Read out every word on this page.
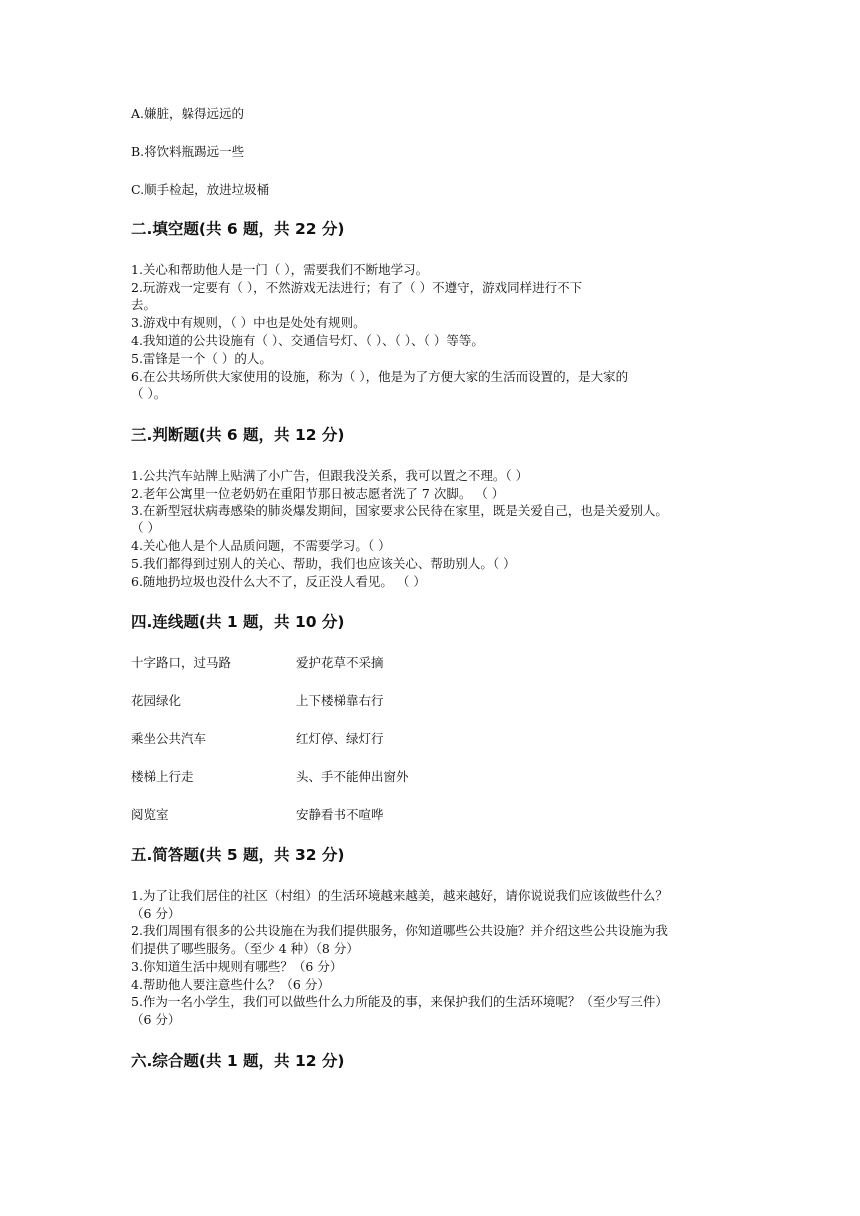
A.嫌脏，躲得远远的
B.将饮料瓶踢远一些
C.顺手检起，放进垃圾桶
二.填空题(共 6 题，共 22 分)
1.关心和帮助他人是一门（ ），需要我们不断地学习。
2.玩游戏一定要有（ ），不然游戏无法进行；有了（ ）不遵守，游戏同样进行不下
去。
3.游戏中有规则，（ ）中也是处处有规则。
4.我知道的公共设施有（ ）、交通信号灯、（ ）、（ ）、（ ）等等。
5.雷锋是一个（ ）的人。
6.在公共场所供大家使用的设施，称为（ ），他是为了方便大家的生活而设置的，是大家的
（ ）。
三.判断题(共 6 题，共 12 分)
1.公共汽车站牌上贴满了小广告，但跟我没关系，我可以置之不理。（ ）
2.老年公寓里一位老奶奶在重阳节那日被志愿者洗了 7 次脚。 （ ）
3.在新型冠状病毒感染的肺炎爆发期间，国家要求公民待在家里，既是关爱自己，也是关爱别人。
（ ）
4.关心他人是个人品质问题，不需要学习。（ ）
5.我们都得到过别人的关心、帮助，我们也应该关心、帮助别人。（ ）
6.随地扔垃圾也没什么大不了，反正没人看见。 （ ）
四.连线题(共 1 题，共 10 分)
十字路口，过马路	爱护花草不采摘
花园绿化	上下楼梯靠右行
乘坐公共汽车	红灯停、绿灯行
楼梯上行走	头、手不能伸出窗外
阅览室	安静看书不喧哗
五.简答题(共 5 题，共 32 分)
1.为了让我们居住的社区（村组）的生活环境越来越美，越来越好，请你说说我们应该做些什么？
（6 分）
2.我们周围有很多的公共设施在为我们提供服务，你知道哪些公共设施？并介绍这些公共设施为我
们提供了哪些服务。（至少 4 种）（8 分）
3.你知道生活中规则有哪些？（6 分）
4.帮助他人要注意些什么？（6 分）
5.作为一名小学生，我们可以做些什么力所能及的事，来保护我们的生活环境呢？（至少写三件）
（6 分）
六.综合题(共 1 题，共 12 分)
